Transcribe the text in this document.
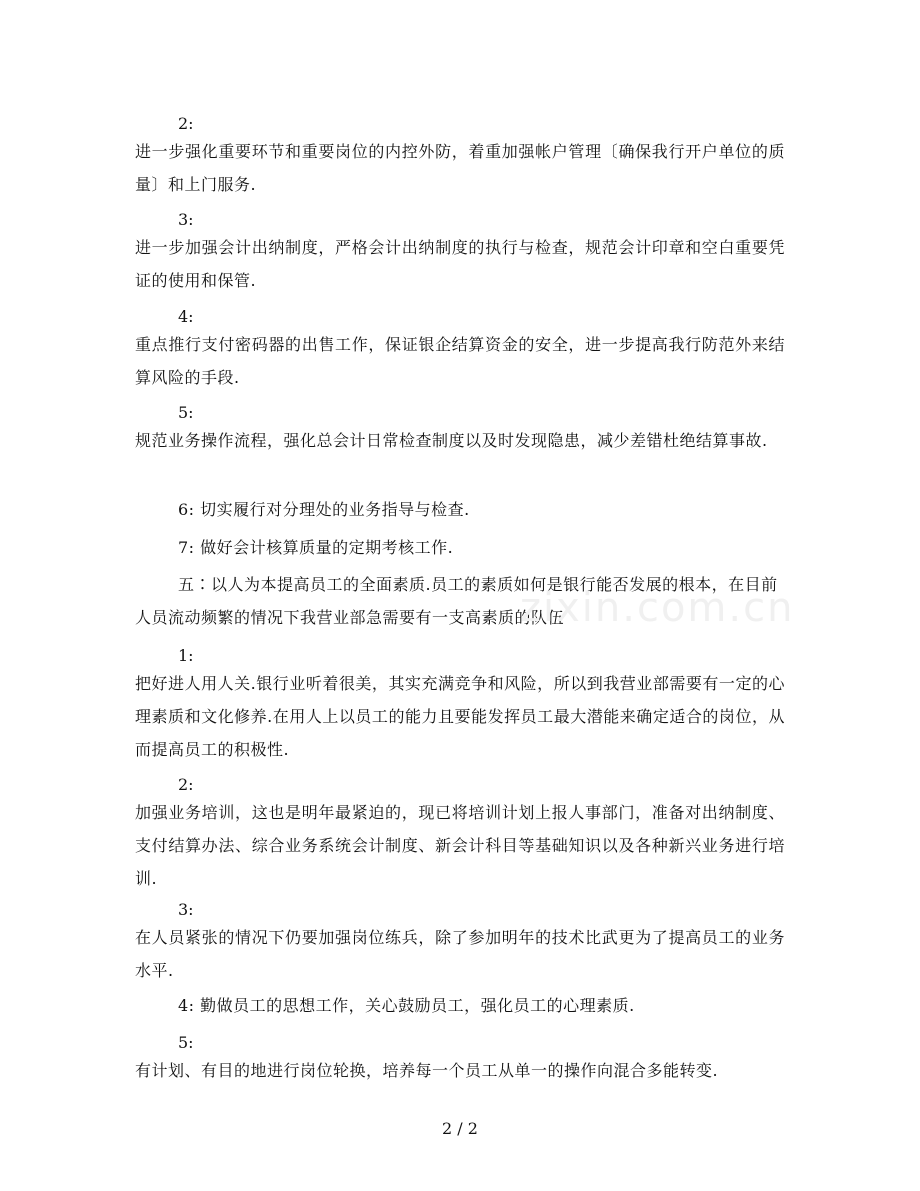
2:

进一步强化重要环节和重要岗位的内控外防，着重加强帐户管理〔确保我行开户单位的质量〕和上门服务.

3:

进一步加强会计出纳制度，严格会计出纳制度的执行与检查，规范会计印章和空白重要凭证的使用和保管.

4:

重点推行支付密码器的出售工作，保证银企结算资金的安全，进一步提高我行防范外来结算风险的手段.

5:

规范业务操作流程，强化总会计日常检查制度以及时发现隐患，减少差错杜绝结算事故.

6: 切实履行对分理处的业务指导与检查.

7: 做好会计核算质量的定期考核工作.

五∶以人为本提高员工的全面素质.员工的素质如何是银行能否发展的根本，在目前人员流动频繁的情况下我营业部急需要有一支高素质的队伍

1:

把好进人用人关.银行业听着很美，其实充满竞争和风险，所以到我营业部需要有一定的心理素质和文化修养.在用人上以员工的能力且要能发挥员工最大潜能来确定适合的岗位，从而提高员工的积极性.

2:

加强业务培训，这也是明年最紧迫的，现已将培训计划上报人事部门，准备对出纳制度、支付结算办法、综合业务系统会计制度、新会计科目等基础知识以及各种新兴业务进行培训.

3:

在人员紧张的情况下仍要加强岗位练兵，除了参加明年的技术比武更为了提高员工的业务水平.

4: 勤做员工的思想工作，关心鼓励员工，强化员工的心理素质.

5:

有计划、有目的地进行岗位轮换，培养每一个员工从单一的操作向混合多能转变.

zixin.com.cn
2 / 2
